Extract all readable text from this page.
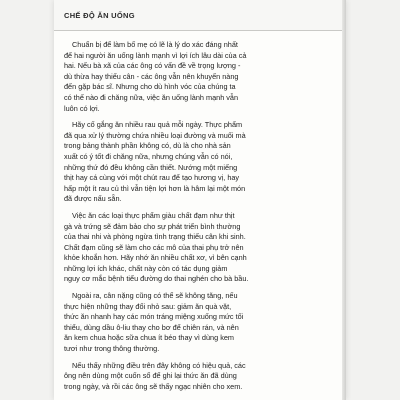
CHẾ ĐỘ ĂN UỐNG

Chuẩn bị để làm bố mẹ có lẽ là lý do xác đáng nhất
để hai người ăn uống lành mạnh vì lợi ích lâu dài của cả
hai. Nếu bà xã của các ông có vấn đề về trọng lượng -
dù thừa hay thiếu cân - các ông vẫn nên khuyến nàng
đến gặp bác sĩ. Nhưng cho dù hình vóc của chúng ta
có thế nào đi chăng nữa, việc ăn uống lành mạnh vẫn
luôn có lợi.

Hãy cố gắng ăn nhiều rau quả mỗi ngày. Thực phẩm
đã qua xử lý thường chứa nhiều loại đường và muối mà
trong bảng thành phần không có, dù là cho nhà sản
xuất có ý tốt đi chăng nữa, nhưng chúng vẫn có nói,
những thứ đó đều không cần thiết. Nướng một miếng
thịt hay cá cùng với một chút rau để tạo hương vị, hay
hấp một ít rau củ thì vẫn tiện lợi hơn là hâm lại một món
đã được nấu sẵn.

Việc ăn các loại thực phẩm giàu chất đạm như thịt
gà và trứng sẽ đảm bảo cho sự phát triển bình thường
của thai nhi và phòng ngừa tình trạng thiếu cân khi sinh.
Chất đạm cũng sẽ làm cho các mô của thai phụ trở nên
khỏe khoắn hơn. Hãy nhớ ăn nhiều chất xơ, vì bên cạnh
những lợi ích khác, chất này còn có tác dụng giảm
nguy cơ mắc bệnh tiểu đường do thai nghén cho bà bầu.

Ngoài ra, cân nặng cũng có thể sẽ không tăng, nếu
thực hiện những thay đổi nhỏ sau: giảm ăn quà vặt,
thức ăn nhanh hay các món tráng miệng xuống mức tối
thiểu, dùng dầu ô-liu thay cho bơ để chiên rán, và nên
ăn kem chua hoặc sữa chua ít béo thay vì dùng kem
tươi như trong thông thường.

Nếu thấy những điều trên đây không có hiệu quả, các
ông nên dùng một cuốn sổ để ghi lại thức ăn đã dùng
trong ngày, và rồi các ông sẽ thấy ngạc nhiên cho xem.
